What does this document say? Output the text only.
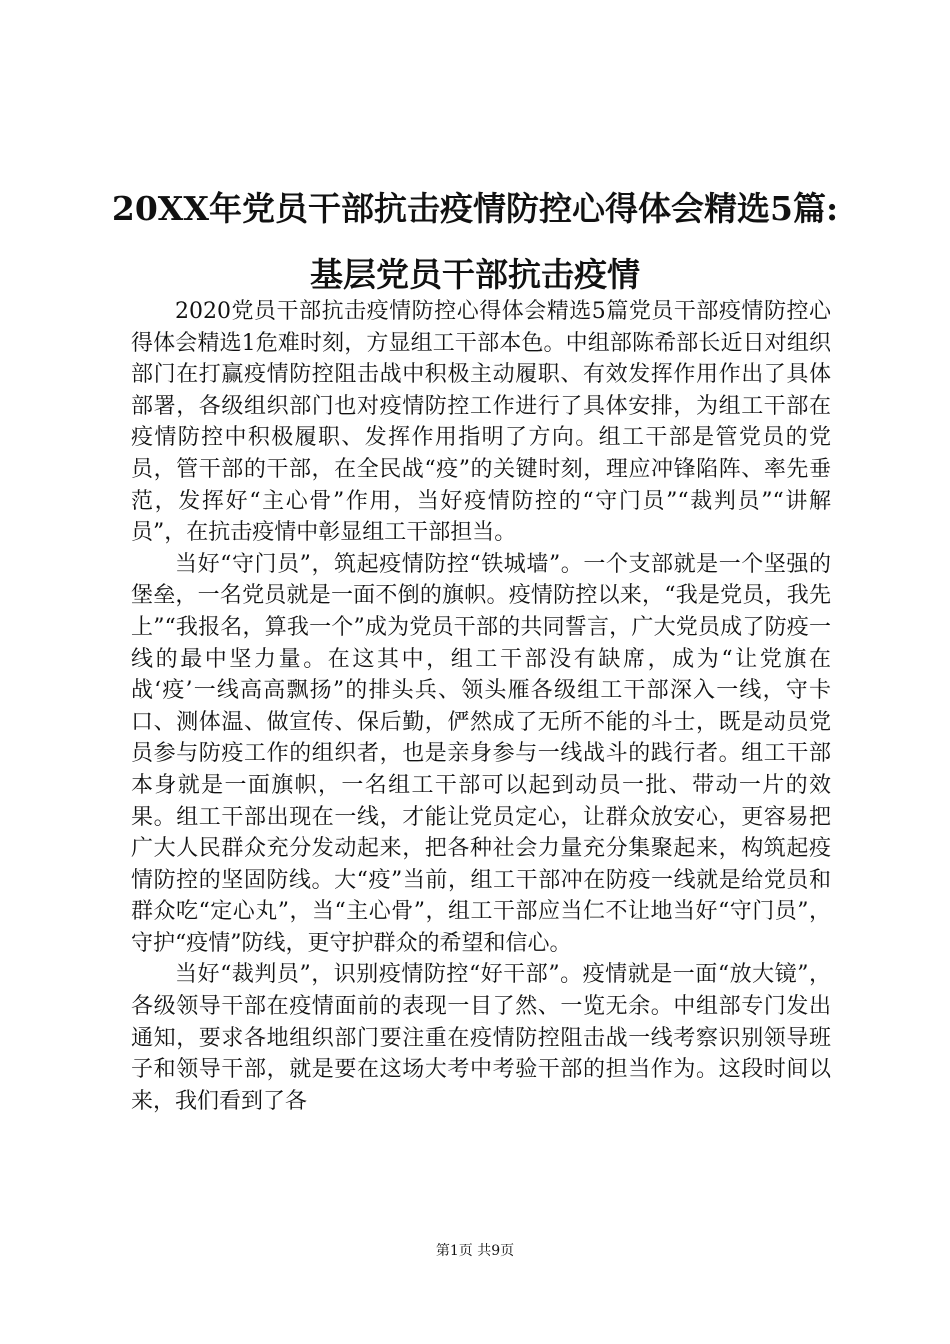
20XX年党员干部抗击疫情防控心得体会精选5篇:基层党员干部抗击疫情

2020党员干部抗击疫情防控心得体会精选5篇党员干部疫情防控心得体会精选1危难时刻，方显组工干部本色。中组部陈希部长近日对组织部门在打赢疫情防控阻击战中积极主动履职、有效发挥作用作出了具体部署，各级组织部门也对疫情防控工作进行了具体安排，为组工干部在疫情防控中积极履职、发挥作用指明了方向。组工干部是管党员的党员，管干部的干部，在全民战“疫”的关键时刻，理应冲锋陷阵、率先垂范，发挥好“主心骨”作用，当好疫情防控的“守门员”“裁判员”“讲解员”，在抗击疫情中彰显组工干部担当。

当好“守门员”，筑起疫情防控“铁城墙”。一个支部就是一个坚强的堡垒，一名党员就是一面不倒的旗帜。疫情防控以来，“我是党员，我先上”“我报名，算我一个”成为党员干部的共同誓言，广大党员成了防疫一线的最中坚力量。在这其中，组工干部没有缺席，成为“让党旗在战‘疫’一线高高飘扬”的排头兵、领头雁各级组工干部深入一线，守卡口、测体温、做宣传、保后勤，俨然成了无所不能的斗士，既是动员党员参与防疫工作的组织者，也是亲身参与一线战斗的践行者。组工干部本身就是一面旗帜，一名组工干部可以起到动员一批、带动一片的效果。组工干部出现在一线，才能让党员定心，让群众放安心，更容易把广大人民群众充分发动起来，把各种社会力量充分集聚起来，构筑起疫情防控的坚固防线。大“疫”当前，组工干部冲在防疫一线就是给党员和群众吃“定心丸”，当“主心骨”，组工干部应当仁不让地当好“守门员”，守护“疫情”防线，更守护群众的希望和信心。

当好“裁判员”，识别疫情防控“好干部”。疫情就是一面“放大镜”，各级领导干部在疫情面前的表现一目了然、一览无余。中组部专门发出通知，要求各地组织部门要注重在疫情防控阻击战一线考察识别领导班子和领导干部，就是要在这场大考中考验干部的担当作为。这段时间以来，我们看到了各

第1页 共9页
